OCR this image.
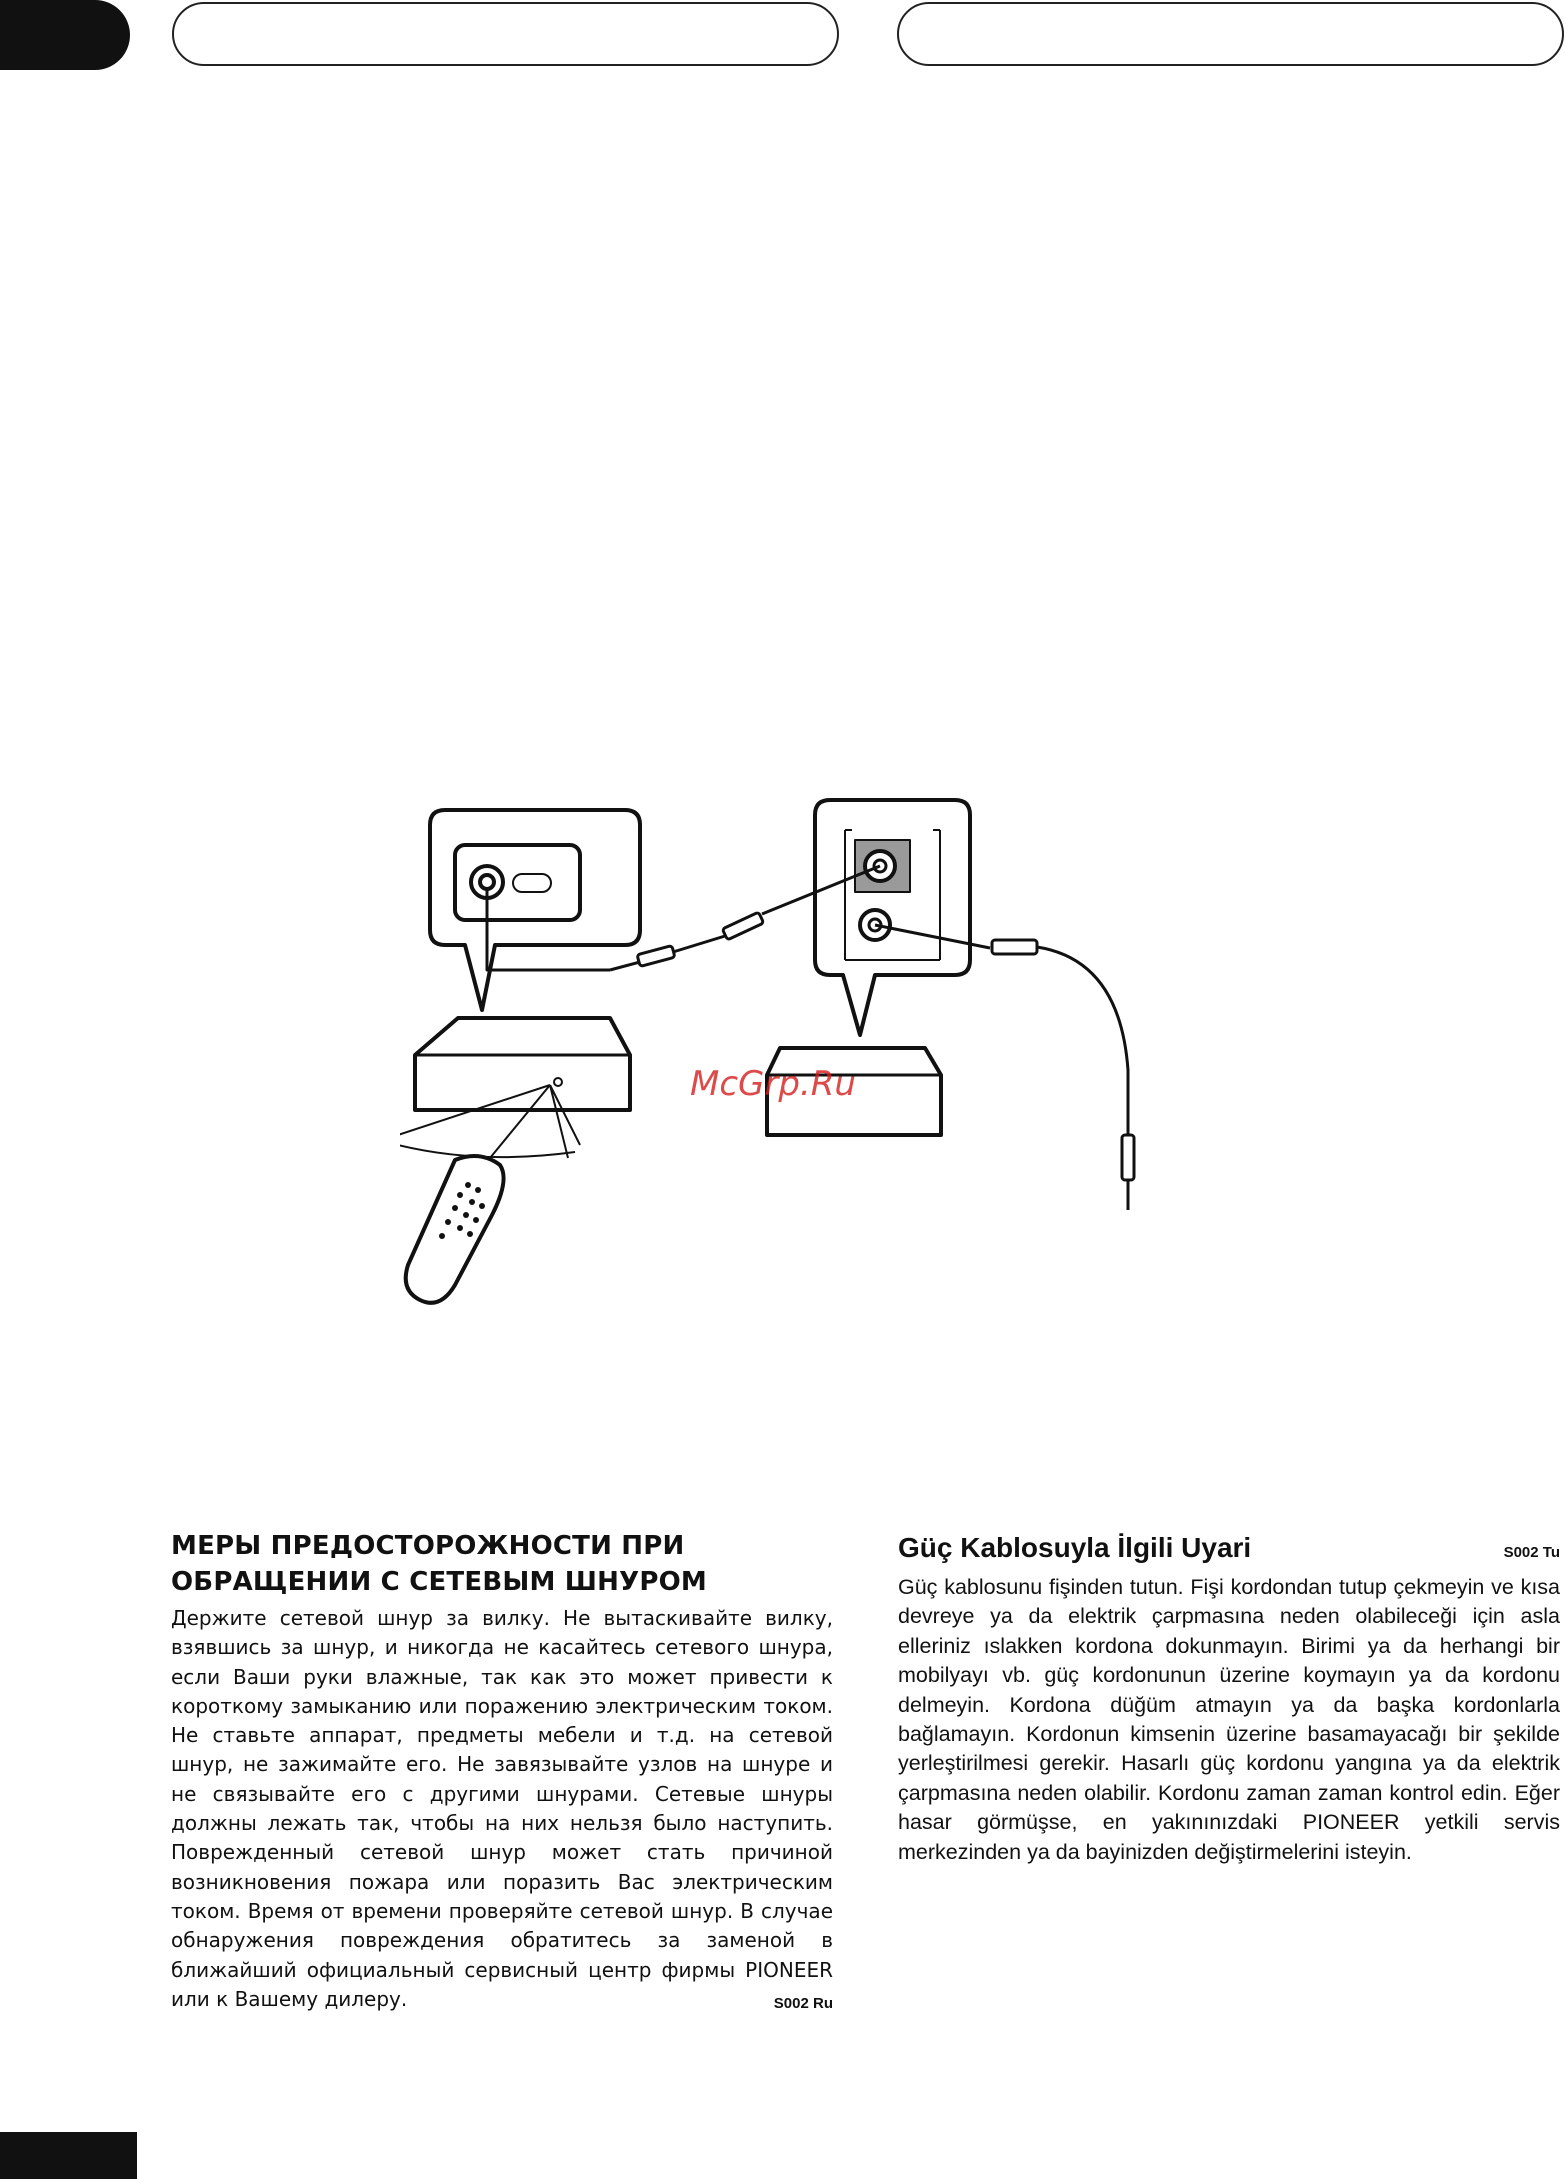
McGrp.Ru
МЕРЫ ПРЕДОСТОРОЖНОСТИ ПРИ ОБРАЩЕНИИ С СЕТЕВЫМ ШНУРОМ

Держите сетевой шнур за вилку. Не вытаскивайте вилку, взявшись за шнур, и никогда не касайтесь сетевого шнура, если Ваши руки влажные, так как это может привести к короткому замыканию или поражению электрическим током. Не ставьте аппарат, предметы мебели и т.д. на сетевой шнур, не зажимайте его. Не завязывайте узлов на шнуре и не связывайте его с другими шнурами. Сетевые шнуры должны лежать так, чтобы на них нельзя было наступить. Поврежденный сетевой шнур может стать причиной возникновения пожара или поразить Вас электрическим током. Время от времени проверяйте сетевой шнур. В случае обнаружения повреждения обратитесь за заменой в ближайший официальный сервисный центр фирмы PIONEER или к Вашему дилеру.	S002 Ru

Güç Kablosuyla İlgili Uyari	S002 Tu

Güç kablosunu fişinden tutun. Fişi kordondan tutup çekmeyin ve kısa devreye ya da elektrik çarpmasına neden olabileceği için asla elleriniz ıslakken kordona dokunmayın. Birimi ya da herhangi bir mobilyayı vb. güç kordonunun üzerine koymayın ya da kordonu delmeyin. Kordona düğüm atmayın ya da başka kordonlarla bağlamayın. Kordonun kimsenin üzerine basamayacağı bir şekilde yerleştirilmesi gerekir. Hasarlı güç kordonu yangına ya da elektrik çarpmasına neden olabilir. Kordonu zaman zaman kontrol edin. Eğer hasar görmüşse, en yakınınızdaki PIONEER yetkili servis merkezinden ya da bayinizden değiştirmelerini isteyin.
